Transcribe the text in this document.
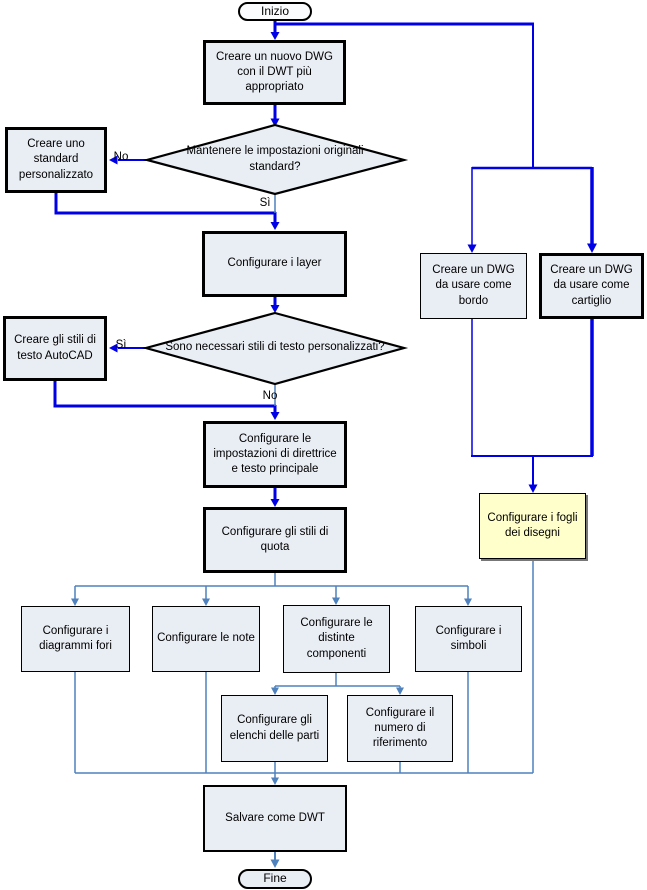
Inizio
Fine
Mantenere le impostazioni originali standard?
Sono necessari stili di testo personalizzati?
No
Sì
Sì
No
Creare un nuovo DWG con il DWT più appropriato
Creare uno standard personalizzato
Configurare i layer
Creare gli stili di testo AutoCAD
Configurare le impostazioni di direttrice e testo principale
Configurare gli stili di quota
Creare un DWG da usare come bordo
Creare un DWG da usare come cartiglio
Configurare i fogli dei disegni
Configurare i diagrammi fori
Configurare le note
Configurare le distinte componenti
Configurare i simboli
Configurare gli elenchi delle parti
Configurare il numero di riferimento
Salvare come DWT
